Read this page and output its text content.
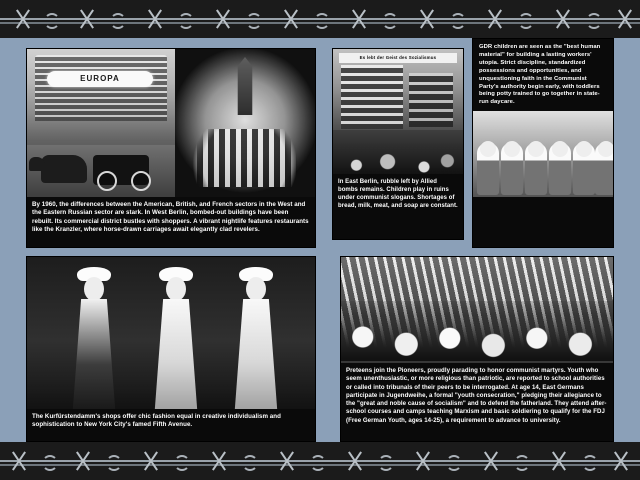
EUROPA
By 1960, the differences between the American, British, and French sectors in the West and the Eastern Russian sector are stark. In West Berlin, bombed-out buildings have been rebuilt. Its commercial district bustles with shoppers. A vibrant nightlife features restaurants like the Kranzler, where horse-drawn carriages await elegantly clad revelers.
Es lebt der Geist des Sozialismus
In East Berlin, rubble left by Allied bombs remains. Children play in ruins under communist slogans. Shortages of bread, milk, meat, and soap are constant.
GDR children are seen as the "best human material" for building a lasting workers' utopia. Strict discipline, standardized possessions and opportunities, and unquestioning faith in the Communist Party's authority begin early, with toddlers being potty trained to go together in state-run daycare.
The Kurfürstendamm's shops offer chic fashion equal in creative individualism and sophistication to New York City's famed Fifth Avenue.
Preteens join the Pioneers, proudly parading to honor communist martyrs. Youth who seem unenthusiastic, or more religious than patriotic, are reported to school authorities or called into tribunals of their peers to be interrogated. At age 14, East Germans participate in Jugendweihe, a formal "youth consecration," pledging their allegiance to the "great and noble cause of socialism" and to defend the fatherland. They attend after-school courses and camps teaching Marxism and basic soldiering to qualify for the FDJ (Free German Youth, ages 14-25), a requirement to advance to university.
